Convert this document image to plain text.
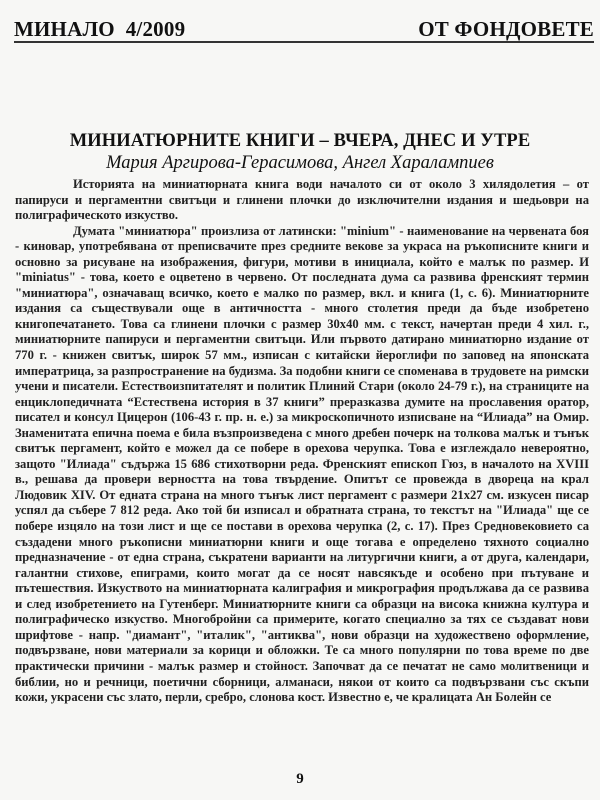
МИНАЛО  4/2009	ОТ ФОНДОВЕТЕ
МИНИАТЮРНИТЕ КНИГИ – ВЧЕРА, ДНЕС И УТРЕ
Мария Аргирова-Герасимова, Ангел Харалампиев

Историята на миниатюрната книга води началото си от около 3 хилядолетия – от папируси и пергаментни свитъци и глинени плочки до изключителни издания и шедьоври на полиграфическото изкуство.

Думата "миниатюра" произлиза от латински: "minium" - наименование на червената боя - киновар, употребявана от преписвачите през средните векове за украса на ръкописните книги и основно за рисуване на изображения, фигури, мотиви в инициала, който е малък по размер. И "miniatus" - това, което е оцветено в червено. От последната дума са развива френският термин "миниатюра", означаващ всичко, което е малко по размер, вкл. и книга (1, с. 6). Миниатюрните издания са съществували още в античността - много столетия преди да бъде изобретено книгопечатането. Това са глинени плочки с размер 30х40 мм. с текст, начертан преди 4 хил. г., миниатюрните папируси и пергаментни свитъци. Или първото датирано миниатюрно издание от 770 г. - книжен свитък, широк 57 мм., изписан с китайски йероглифи по заповед на японската императрица, за разпространение на будизма. За подобни книги се споменава в трудовете на римски учени и писатели. Естествоизпитателят и политик Плиний Стари (около 24-79 г.), на страниците на енциклопедичната “Естествена история в 37 книги” преразказва думите на прославения оратор, писател и консул Цицерон (106-43 г. пр. н. е.) за микроскопичното изписване на “Илиада” на Омир. Знаменитата епична поема е била възпроизведена с много дребен почерк на толкова малък и тънък свитък пергамент, който е можел да се побере в орехова черупка. Това е изглеждало невероятно, защото "Илиада" съдържа 15 686 стихотворни реда. Френският епископ Гюз, в началото на XVIII в., решава да провери верността на това твърдение. Опитът се провежда в двореца на крал Людовик XIV. От едната страна на много тънък лист пергамент с размери 21х27 см. изкусен писар успял да събере 7 812 реда. Ако той би изписал и обратната страна, то текстът на "Илиада" ще се побере изцяло на този лист и ще се постави в орехова черупка (2, с. 17). През Средновековието са създадени много ръкописни миниатюрни книги и още тогава е определено тяхното социално предназначение - от една страна, съкратени варианти на литургични книги, а от друга, календари, галантни стихове, епиграми, които могат да се носят навсякъде и особено при пътуване и пътешествия. Изкуството на миниатюрната калиграфия и микрография продължава да се развива и след изобретението на Гутенберг. Миниатюрните книги са образци на висока книжна култура и полиграфическо изкуство. Многобройни са примерите, когато специално за тях се създават нови шрифтове - напр. "диамант", "италик", "антиква", нови образци на художествено оформление, подвързване, нови материали за корици и обложки. Те са много популярни по това време по две практически причини - малък размер и стойност. Започват да се печатат не само молитвеници и библии, но и речници, поетични сборници, алманаси, някои от които са подвързвани със скъпи кожи, украсени със злато, перли, сребро, слонова кост. Известно е, че кралицата Ан Болейн се

9
